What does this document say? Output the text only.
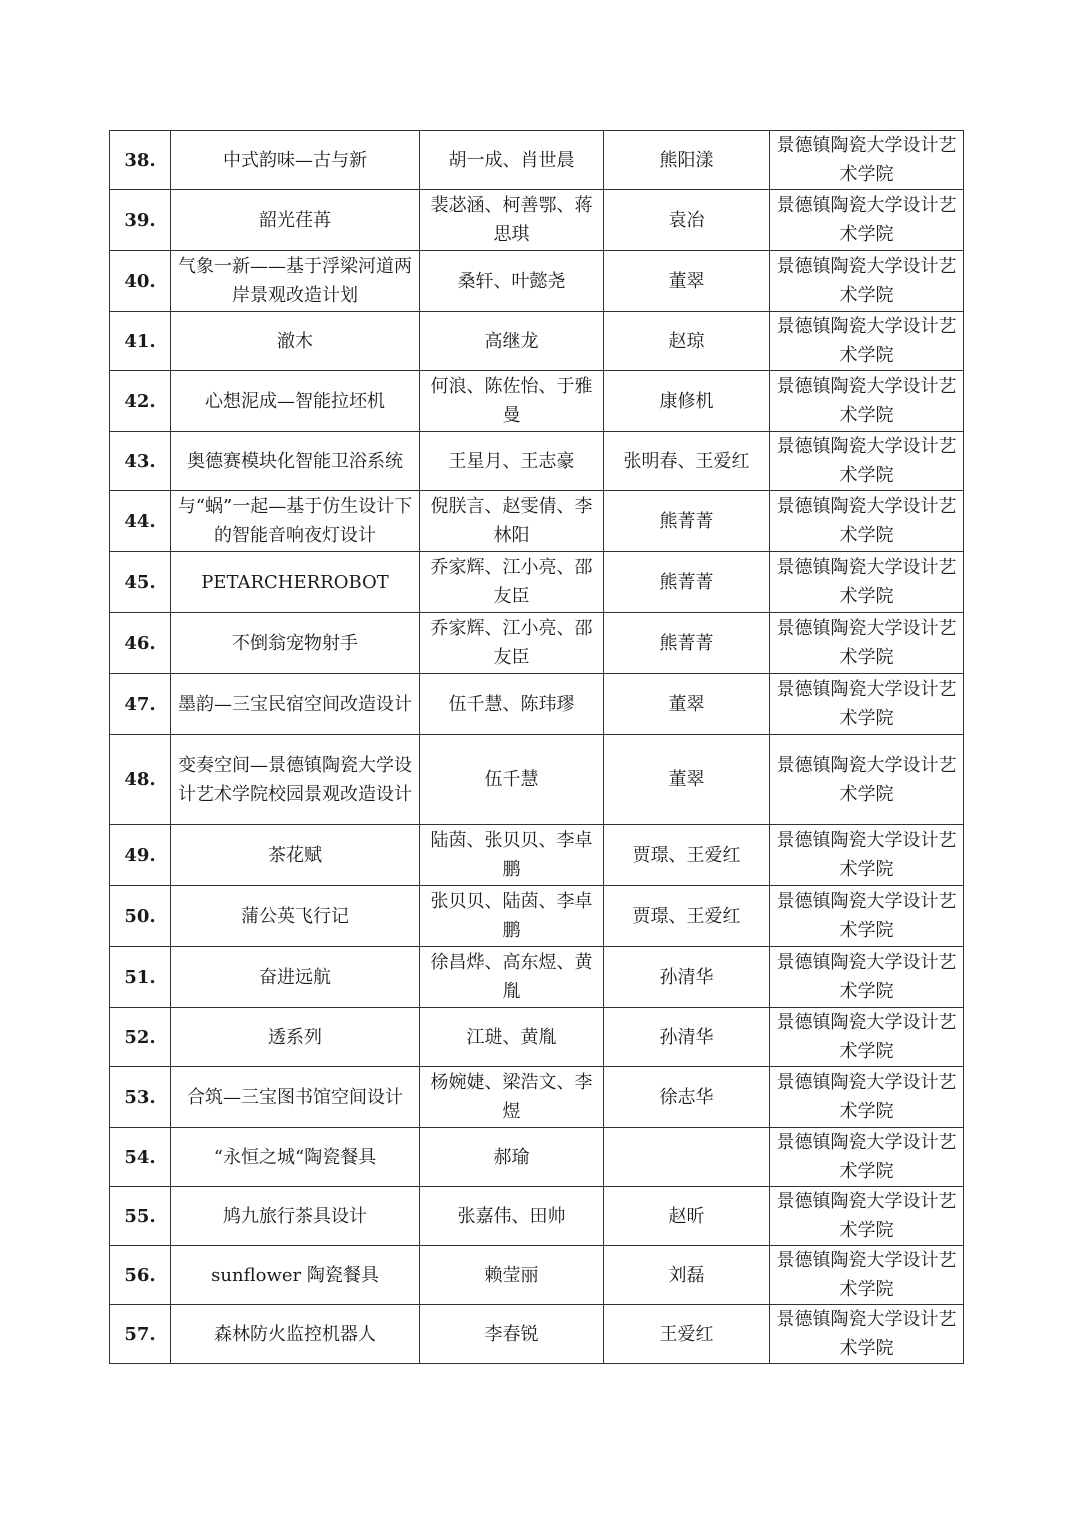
38.	中式韵味—古与新	胡一成、肖世晨	熊阳漾	景德镇陶瓷大学设计艺术学院
39.	韶光荏苒	裴苾涵、柯善鄂、蒋思琪	袁冶	景德镇陶瓷大学设计艺术学院
40.	气象一新——基于浮梁河道两岸景观改造计划	桑轩、叶懿尧	董翠	景德镇陶瓷大学设计艺术学院
41.	澈木	高继龙	赵琼	景德镇陶瓷大学设计艺术学院
42.	心想泥成—智能拉坯机	何浪、陈佐怡、于雅曼	康修机	景德镇陶瓷大学设计艺术学院
43.	奥德赛模块化智能卫浴系统	王星月、王志豪	张明春、王爱红	景德镇陶瓷大学设计艺术学院
44.	与“蜗”一起—基于仿生设计下的智能音响夜灯设计	倪朕言、赵雯倩、李林阳	熊菁菁	景德镇陶瓷大学设计艺术学院
45.	PETARCHERROBOT	乔家辉、江小亮、邵友臣	熊菁菁	景德镇陶瓷大学设计艺术学院
46.	不倒翁宠物射手	乔家辉、江小亮、邵友臣	熊菁菁	景德镇陶瓷大学设计艺术学院
47.	墨韵—三宝民宿空间改造设计	伍千慧、陈玮璆	董翠	景德镇陶瓷大学设计艺术学院
48.	变奏空间—景德镇陶瓷大学设计艺术学院校园景观改造设计	伍千慧	董翠	景德镇陶瓷大学设计艺术学院
49.	茶花赋	陆茵、张贝贝、李卓鹏	贾璟、王爱红	景德镇陶瓷大学设计艺术学院
50.	蒲公英飞行记	张贝贝、陆茵、李卓鹏	贾璟、王爱红	景德镇陶瓷大学设计艺术学院
51.	奋进远航	徐昌烨、高东煜、黄胤	孙清华	景德镇陶瓷大学设计艺术学院
52.	透系列	江琎、黄胤	孙清华	景德镇陶瓷大学设计艺术学院
53.	合筑—三宝图书馆空间设计	杨婉婕、梁浩文、李煜	徐志华	景德镇陶瓷大学设计艺术学院
54.	“永恒之城“陶瓷餐具	郝瑜		景德镇陶瓷大学设计艺术学院
55.	鸠九旅行茶具设计	张嘉伟、田帅	赵昕	景德镇陶瓷大学设计艺术学院
56.	sunflower 陶瓷餐具	赖莹丽	刘磊	景德镇陶瓷大学设计艺术学院
57.	森林防火监控机器人	李春锐	王爱红	景德镇陶瓷大学设计艺术学院
